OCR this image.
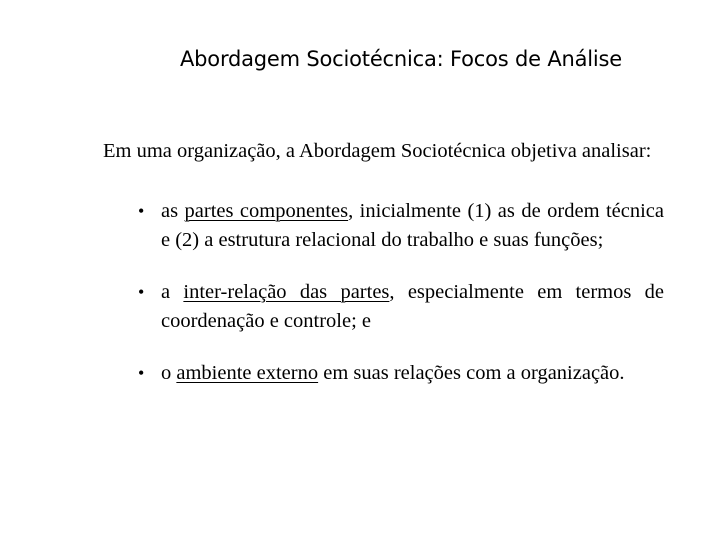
Abordagem Sociotécnica: Focos de Análise

Em uma organização, a Abordagem Sociotécnica objetiva analisar:

• as partes componentes, inicialmente (1) as de ordem técnica e (2) a estrutura relacional do trabalho e suas funções;
• a inter-relação das partes, especialmente em termos de coordenação e controle; e
• o ambiente externo em suas relações com a organização.
